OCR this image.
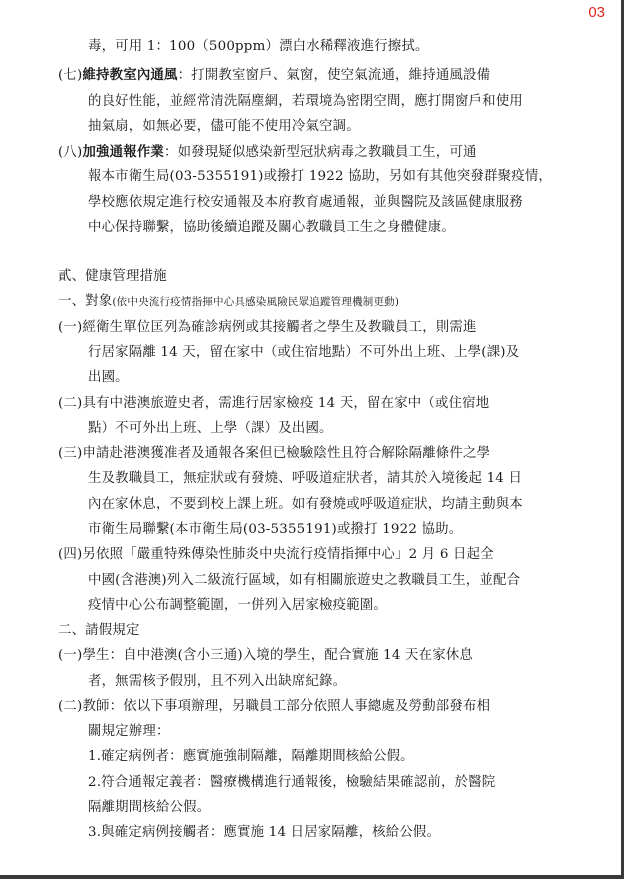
03
毒，可用 1：100（500ppm）漂白水稀釋液進行擦拭。
(七)維持教室內通風：打開教室窗戶、氣窗，使空氣流通，維持通風設備
的良好性能，並經常清洗隔塵網，若環境為密閉空間，應打開窗戶和使用
抽氣扇，如無必要，儘可能不使用冷氣空調。
(八)加強通報作業：如發現疑似感染新型冠狀病毒之教職員工生，可通
報本市衛生局(03-5355191)或撥打 1922 協助，另如有其他突發群聚疫情，
學校應依規定進行校安通報及本府教育處通報，並與醫院及該區健康服務
中心保持聯繫，協助後續追蹤及關心教職員工生之身體健康。
貳、健康管理措施
一、對象(依中央流行疫情指揮中心具感染風險民眾追蹤管理機制更動)
(一)經衛生單位匡列為確診病例或其接觸者之學生及教職員工，則需進
行居家隔離 14 天，留在家中（或住宿地點）不可外出上班、上學(課)及
出國。
(二)具有中港澳旅遊史者，需進行居家檢疫 14 天，留在家中（或住宿地
點）不可外出上班、上學（課）及出國。
(三)申請赴港澳獲准者及通報各案但已檢驗陰性且符合解除隔離條件之學
生及教職員工，無症狀或有發燒、呼吸道症狀者，請其於入境後起 14 日
內在家休息，不要到校上課上班。如有發燒或呼吸道症狀，均請主動與本
市衛生局聯繫(本市衛生局(03-5355191)或撥打 1922 協助。
(四)另依照「嚴重特殊傳染性肺炎中央流行疫情指揮中心」2 月 6 日起全
中國(含港澳)列入二級流行區域，如有相關旅遊史之教職員工生，並配合
疫情中心公布調整範圍，一併列入居家檢疫範圍。
二、請假規定
(一)學生：自中港澳(含小三通)入境的學生，配合實施 14 天在家休息
者，無需核予假別，且不列入出缺席紀錄。
(二)教師：依以下事項辦理，另職員工部分依照人事總處及勞動部發布相
關規定辦理：
1.確定病例者：應實施強制隔離，隔離期間核給公假。
2.符合通報定義者：醫療機構進行通報後，檢驗結果確認前，於醫院
隔離期間核給公假。
3.與確定病例接觸者：應實施 14 日居家隔離，核給公假。
